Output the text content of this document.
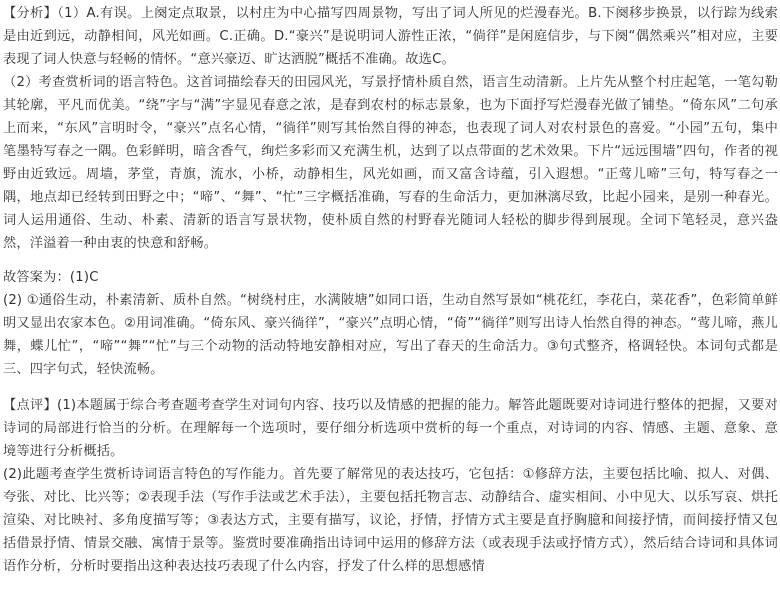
【分析】（1）A.有误。上阕定点取景，以村庄为中心描写四周景物，写出了词人所见的烂漫春光。B.下阕移步换景，以行踪为线索是由近到远，动静相间，风光如画。C.正确。D.“豪兴”是说明词人游性正浓，“倘徉”是闲庭信步，与下阕“偶然乘兴”相对应，主要表现了词人快意与轻畅的情怀。“意兴豪迈、旷达洒脱”概括不准确。故选C。

（2）考查赏析词的语言特色。这首词描绘春天的田园风光，写景抒情朴质自然，语言生动清新。上片先从整个村庄起笔，一笔勾勒其轮廓，平凡而优美。“绕”字与“满”字显见春意之浓，是春到农村的标志景象，也为下面抒写烂漫春光做了铺垫。“倚东风”二句承上而来，“东风”言明时令，“豪兴”点名心情，“徜徉”则写其怡然自得的神态，也表现了词人对农村景色的喜爱。“小园”五句，集中笔墨特写春之一隅。色彩鲜明，暗含香气，绚烂多彩而又充满生机，达到了以点带面的艺术效果。下片“远远围墙”四句，作者的视野由近致远。周墙，茅堂，青旗，流水，小桥，动静相生，风光如画，而又富含诗蕴，引入遐想。“正莺儿啼”三句，特写春之一隅，地点却已经转到田野之中；“啼”、“舞”、“忙”三字概括准确，写春的生命活力，更加淋漓尽致，比起小园来，是别一种春光。词人运用通俗、生动、朴素、清新的语言写景状物，使朴质自然的村野春光随词人轻松的脚步得到展现。全词下笔轻灵，意兴盎然，洋溢着一种由衷的快意和舒畅。

故答案为：(1)C

(2) ①通俗生动，朴素清新、质朴自然。“树绕村庄，水满陂塘”如同口语，生动自然写景如“桃花红，李花白，菜花香”，色彩简单鲜明又显出农家本色。②用词准确。“倚东风、豪兴徜徉”，“豪兴”点明心情，“倚”“徜徉”则写出诗人怡然自得的神态。“莺儿啼，燕儿舞，蝶儿忙”，“啼”“舞”“忙”与三个动物的活动特地安静相对应，写出了春天的生命活力。③句式整齐，格调轻快。本词句式都是三、四字句式，轻快流畅。

【点评】(1)本题属于综合考查题考查学生对词句内容、技巧以及情感的把握的能力。解答此题既要对诗词进行整体的把握，又要对诗词的局部进行恰当的分析。在理解每一个选项时，要仔细分析选项中赏析的每一个重点，对诗词的内容、情感、主题、意象、意境等进行分析概括。

(2)此题考查学生赏析诗词语言特色的写作能力。首先要了解常见的表达技巧，它包括：①修辞方法，主要包括比喻、拟人、对偶、夸张、对比、比兴等；②表现手法（写作手法或艺术手法），主要包括托物言志、动静结合、虚实相间、小中见大、以乐写哀、烘托渲染、对比映衬、多角度描写等；③表达方式，主要有描写，议论，抒情，抒情方式主要是直抒胸臆和间接抒情，而间接抒情又包括借景抒情、情景交融、寓情于景等。鉴赏时要准确指出诗词中运用的修辞方法（或表现手法或抒情方式），然后结合诗词和具体词语作分析，分析时要指出这种表达技巧表现了什么内容，抒发了什么样的思想感情
